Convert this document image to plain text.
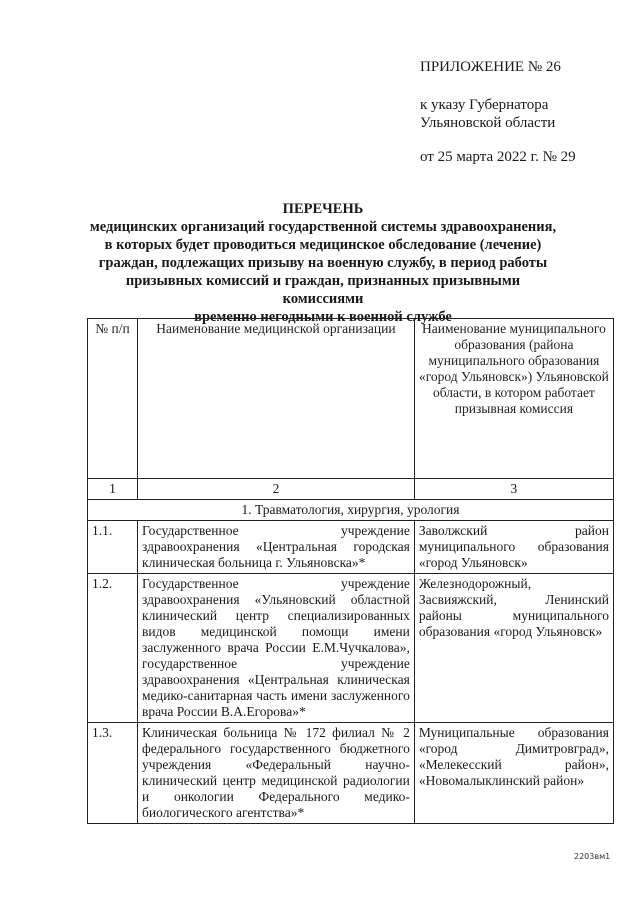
ПРИЛОЖЕНИЕ № 26
к указу Губернатора
Ульяновской области
от 25 марта 2022 г. № 29
ПЕРЕЧЕНЬ
медицинских организаций государственной системы здравоохранения,
в которых будет проводиться медицинское обследование (лечение)
граждан, подлежащих призыву на военную службу, в период работы
призывных комиссий и граждан, признанных призывными комиссиями
временно негодными к военной службе
№ п/п	Наименование медицинской организации	Наименование муниципального образования (района муниципального образования «город Ульяновск») Ульяновской области, в котором работает призывная комиссия
1	2	3
1. Травматология, хирургия, урология		
1.1.	Государственное учреждение здравоохранения «Центральная городская клиническая больница г. Ульяновска»*	Заволжский район муниципального образования «город Ульяновск»
1.2.	Государственное учреждение здравоохранения «Ульяновский областной клинический центр специализированных видов медицинской помощи имени заслуженного врача России Е.М.Чучкалова», государственное учреждение здравоохранения «Центральная клиническая медико-санитарная часть имени заслуженного врача России В.А.Егорова»*	Железнодорожный, Засвияжский, Ленинский районы муниципального образования «город Ульяновск»
1.3.	Клиническая больница № 172 филиал № 2 федерального государственного бюджетного учреждения «Федеральный научно-клинический центр медицинской радиологии и онкологии Федерального медико-биологического агентства»*	Муниципальные образования «город Димитровград», «Мелекесский район», «Новомалыклинский район»
2203вм1
